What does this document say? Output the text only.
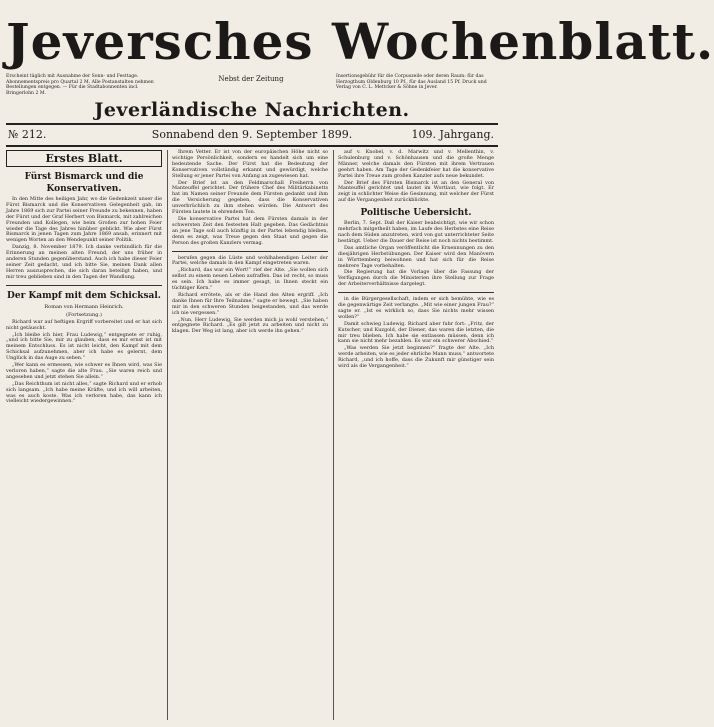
Jeversches Wochenblatt.
Erscheint täglich mit Ausnahme der Sonn- und Festtage. Abonnementspreis pro Quartal 2 M. Alle Postanstalten nehmen Bestellungen entgegen. — Für die Stadtabonnenten incl. Bringerlohn 2 M.
Nebst der Zeitung	Insertionsgebühr für die Corpuszeile oder deren Raum: für das Herzogthum Oldenburg 10 Pf., für das Ausland 15 Pf. Druck und Verlag von C. L. Mettcker & Söhne in Jever.
Jeverländische Nachrichten.
№ 212.	Sonnabend den 9. September 1899.	109. Jahrgang.
Erstes Blatt.
Fürst Bismarck und die Konservativen.

In den Mitte des heiligen Jahr, wo die Gedenkzeit unser die Fürst Bismarck und die Konservativen Gelegenheit gab, im Jahre 1869 sich zur Partei seiner Freunde zu bekennen, haben der Fürst und der Graf Herbert von Bismarck, mit zahlreichen Freunden und Kollegen, wie beim Großen zur hohen Feier wieder die Tage des Jahres hinüber geblickt. Wie aber Fürst Bismarck in jenen Tagen zum Jahre 1869 ansah, erinnert mit wenigen Worten an den Wendepunkt seiner Politik.

Danzig, 8. November 1879. Ich danke verbindlich für die Erinnerung an meinen alten Freund, der uns früher in anderen Stunden gegenüberstand. Auch ich habe dieser Feier seiner Zeit gedacht, und ich bitte Sie, meinen Dank allen Herren auszusprechen, die sich daran beteiligt haben, und mir treu geblieben sind in den Tagen der Wandlung.

Der Kampf mit dem Schicksal.
Roman von Hermann Heinrich.
(Fortsetzung.)

Richard war auf heftigen Ergriff vorbereitet und er hat sich nicht getäuscht.

„Ich bleibe ich hier, Frau Ludewig,“ entgegnete er ruhig, „und ich bitte Sie, mir zu glauben, dass es mir ernst ist mit meinem Entschluss. Es ist nicht leicht, den Kampf mit dem Schicksal aufzunehmen, aber ich habe es gelernt, dem Unglück in das Auge zu sehen.“

„Wer kann es ermessen, wie schwer es Ihnen wird, was Sie verloren haben,“ sagte die alte Frau. „Sie waren reich und angesehen und jetzt stehen Sie allein.“

„Das Reichthum ist nicht alles,“ sagte Richard und er erhob sich langsam. „Ich habe meine Kräfte, und ich will arbeiten, was es auch koste. Was ich verloren habe, das kann ich vielleicht wiedergewinnen.“

Ihrem Vetter. Er ist von der europäischen Höhe nicht so wichtige Persönlichkeit, sondern es handelt sich um eine bedeutende Sache. Der Fürst hat die Bedeutung der Konservativen vollständig erkannt und gewürdigt, welche Stellung er jener Partei von Anfang an zugewiesen hat.

Der Brief ist an den Feldmarschall Freiherrn von Manteuffel gerichtet. Der frühere Chef des Militärkabinetts hat im Namen seiner Freunde dem Fürsten gedankt und ihm die Versicherung gegeben, dass die Konservativen unverbrüchlich zu ihm stehen würden. Die Antwort des Fürsten lautete in ehrendem Ton.

Die konservative Partei hat dem Fürsten damals in der schwersten Zeit den festesten Halt gegeben. Das Gedächtnis an jene Tage soll auch künftig in der Partei lebendig bleiben, denn es zeigt, was Treue gegen den Staat und gegen die Person des großen Kanzlers vermag.

berufen gegen die Lüste und wohlhabendigen Leiter der Partei, welche damals in den Kampf eingetreten waren.

„Richard, das war ein Wort!“ rief der Alte. „Sie wollen sich selbst zu einem neuen Leben aufraffen. Das ist recht, so muss es sein. Ich habe es immer gesagt, in Ihnen steckt ein tüchtiger Kern.“

Richard errötete, als er die Hand des Alten ergriff. „Ich danke Ihnen für Ihre Teilnahme,“ sagte er bewegt. „Sie haben mir in den schweren Stunden beigestanden, und das werde ich nie vergessen.“

„Nun, Herr Ludewig, Sie werden mich ja wohl verstehen,“ entgegnete Richard. „Es gilt jetzt zu arbeiten und nicht zu klagen. Der Weg ist lang, aber ich werde ihn gehen.“

auf v. Knobel, v. d. Marwitz und v. Mellenthin, v. Schulenburg und v. Schönhausen und die große Menge Männer, welche damals den Fürsten mit ihrem Vertrauen geehrt haben. Am Tage der Gedenkfeier hat die konservative Partei ihre Treue zum großen Kanzler aufs neue bekundet.

Der Brief des Fürsten Bismarck ist an den General von Manteuffel gerichtet und lautet im Wortlaut, wie folgt. Er zeigt in schlichter Weise die Gesinnung, mit welcher der Fürst auf die Vergangenheit zurückblickte.

Politische Uebersicht.

Berlin, 7. Sept. Daß der Kaiser beabsichtigt, wie wir schon mehrfach mitgetheilt haben, im Laufe des Herbstes eine Reise nach dem Süden anzutreten, wird von gut unterrichteter Seite bestätigt. Ueber die Dauer der Reise ist noch nichts bestimmt.

Das amtliche Organ veröffentlicht die Ernennungen zu den diesjährigen Herbstübungen. Der Kaiser wird den Manövern in Württemberg beiwohnen und hat sich für die Reise mehrere Tage vorbehalten.

Die Regierung hat die Vorlage über die Fassung der Verfügungen durch die Ministerien ihre Stellung zur Frage der Arbeiterverhältnisse dargelegt.

in die Bürgergesellschaft, indem er sich bemühte, wie es die gegenwärtige Zeit verlangte. „Mit wie einer jungen Frau?“ sagte er. „Ist es wirklich so, dass Sie nichts mehr wissen wollen?“

Damit schwieg Ludewig. Richard aber fuhr fort: „Fritz, der Kutscher, und Kuzgold, der Diener, das waren die letzten, die mir treu blieben. Ich habe sie entlassen müssen, denn ich kann sie nicht mehr bezahlen. Es war ein schwerer Abschied.“

„Was werden Sie jetzt beginnen?“ fragte der Alte. „Ich werde arbeiten, wie es jeder ehrliche Mann muss,“ antwortete Richard, „und ich hoffe, dass die Zukunft mir günstiger sein wird als die Vergangenheit.“
